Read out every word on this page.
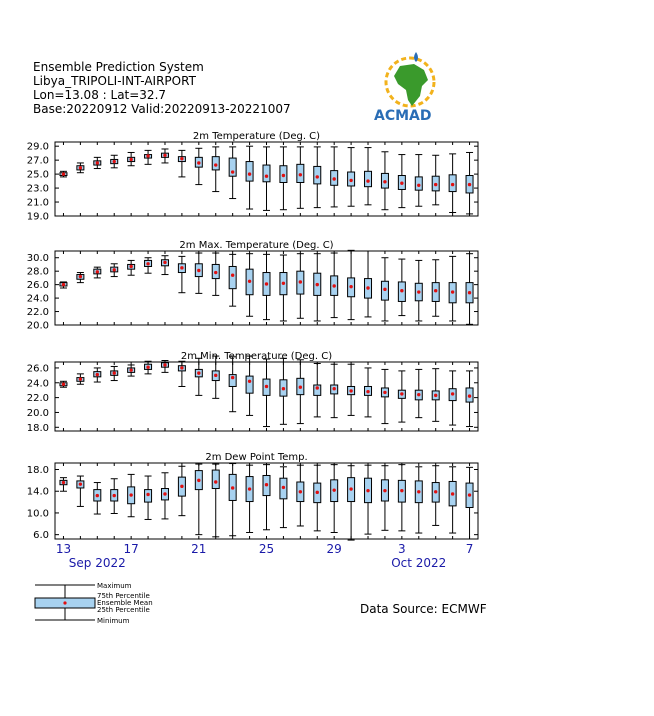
Ensemble Prediction System
Libya_TRIPOLI-INT-AIRPORT
Lon=13.08 : Lat=32.7
Base:20220912 Valid:20220913-20221007	ACMAD
19.0
21.0
23.0
25.0
27.0
29.0
2m Temperature (Deg. C)
20.0
22.0
24.0
26.0
28.0
30.0
2m Max. Temperature (Deg. C)
18.0
20.0
22.0
24.0
26.0
2m Min. Temperature (Deg. C)
6.0
10.0
14.0
18.0
2m Dew Point Temp.
13	17	21	25	29	3	7
Sep 2022	Oct 2022
Maximum
75th Percentile
Ensemble Mean
25th Percentile
Minimum
Data Source: ECMWF
